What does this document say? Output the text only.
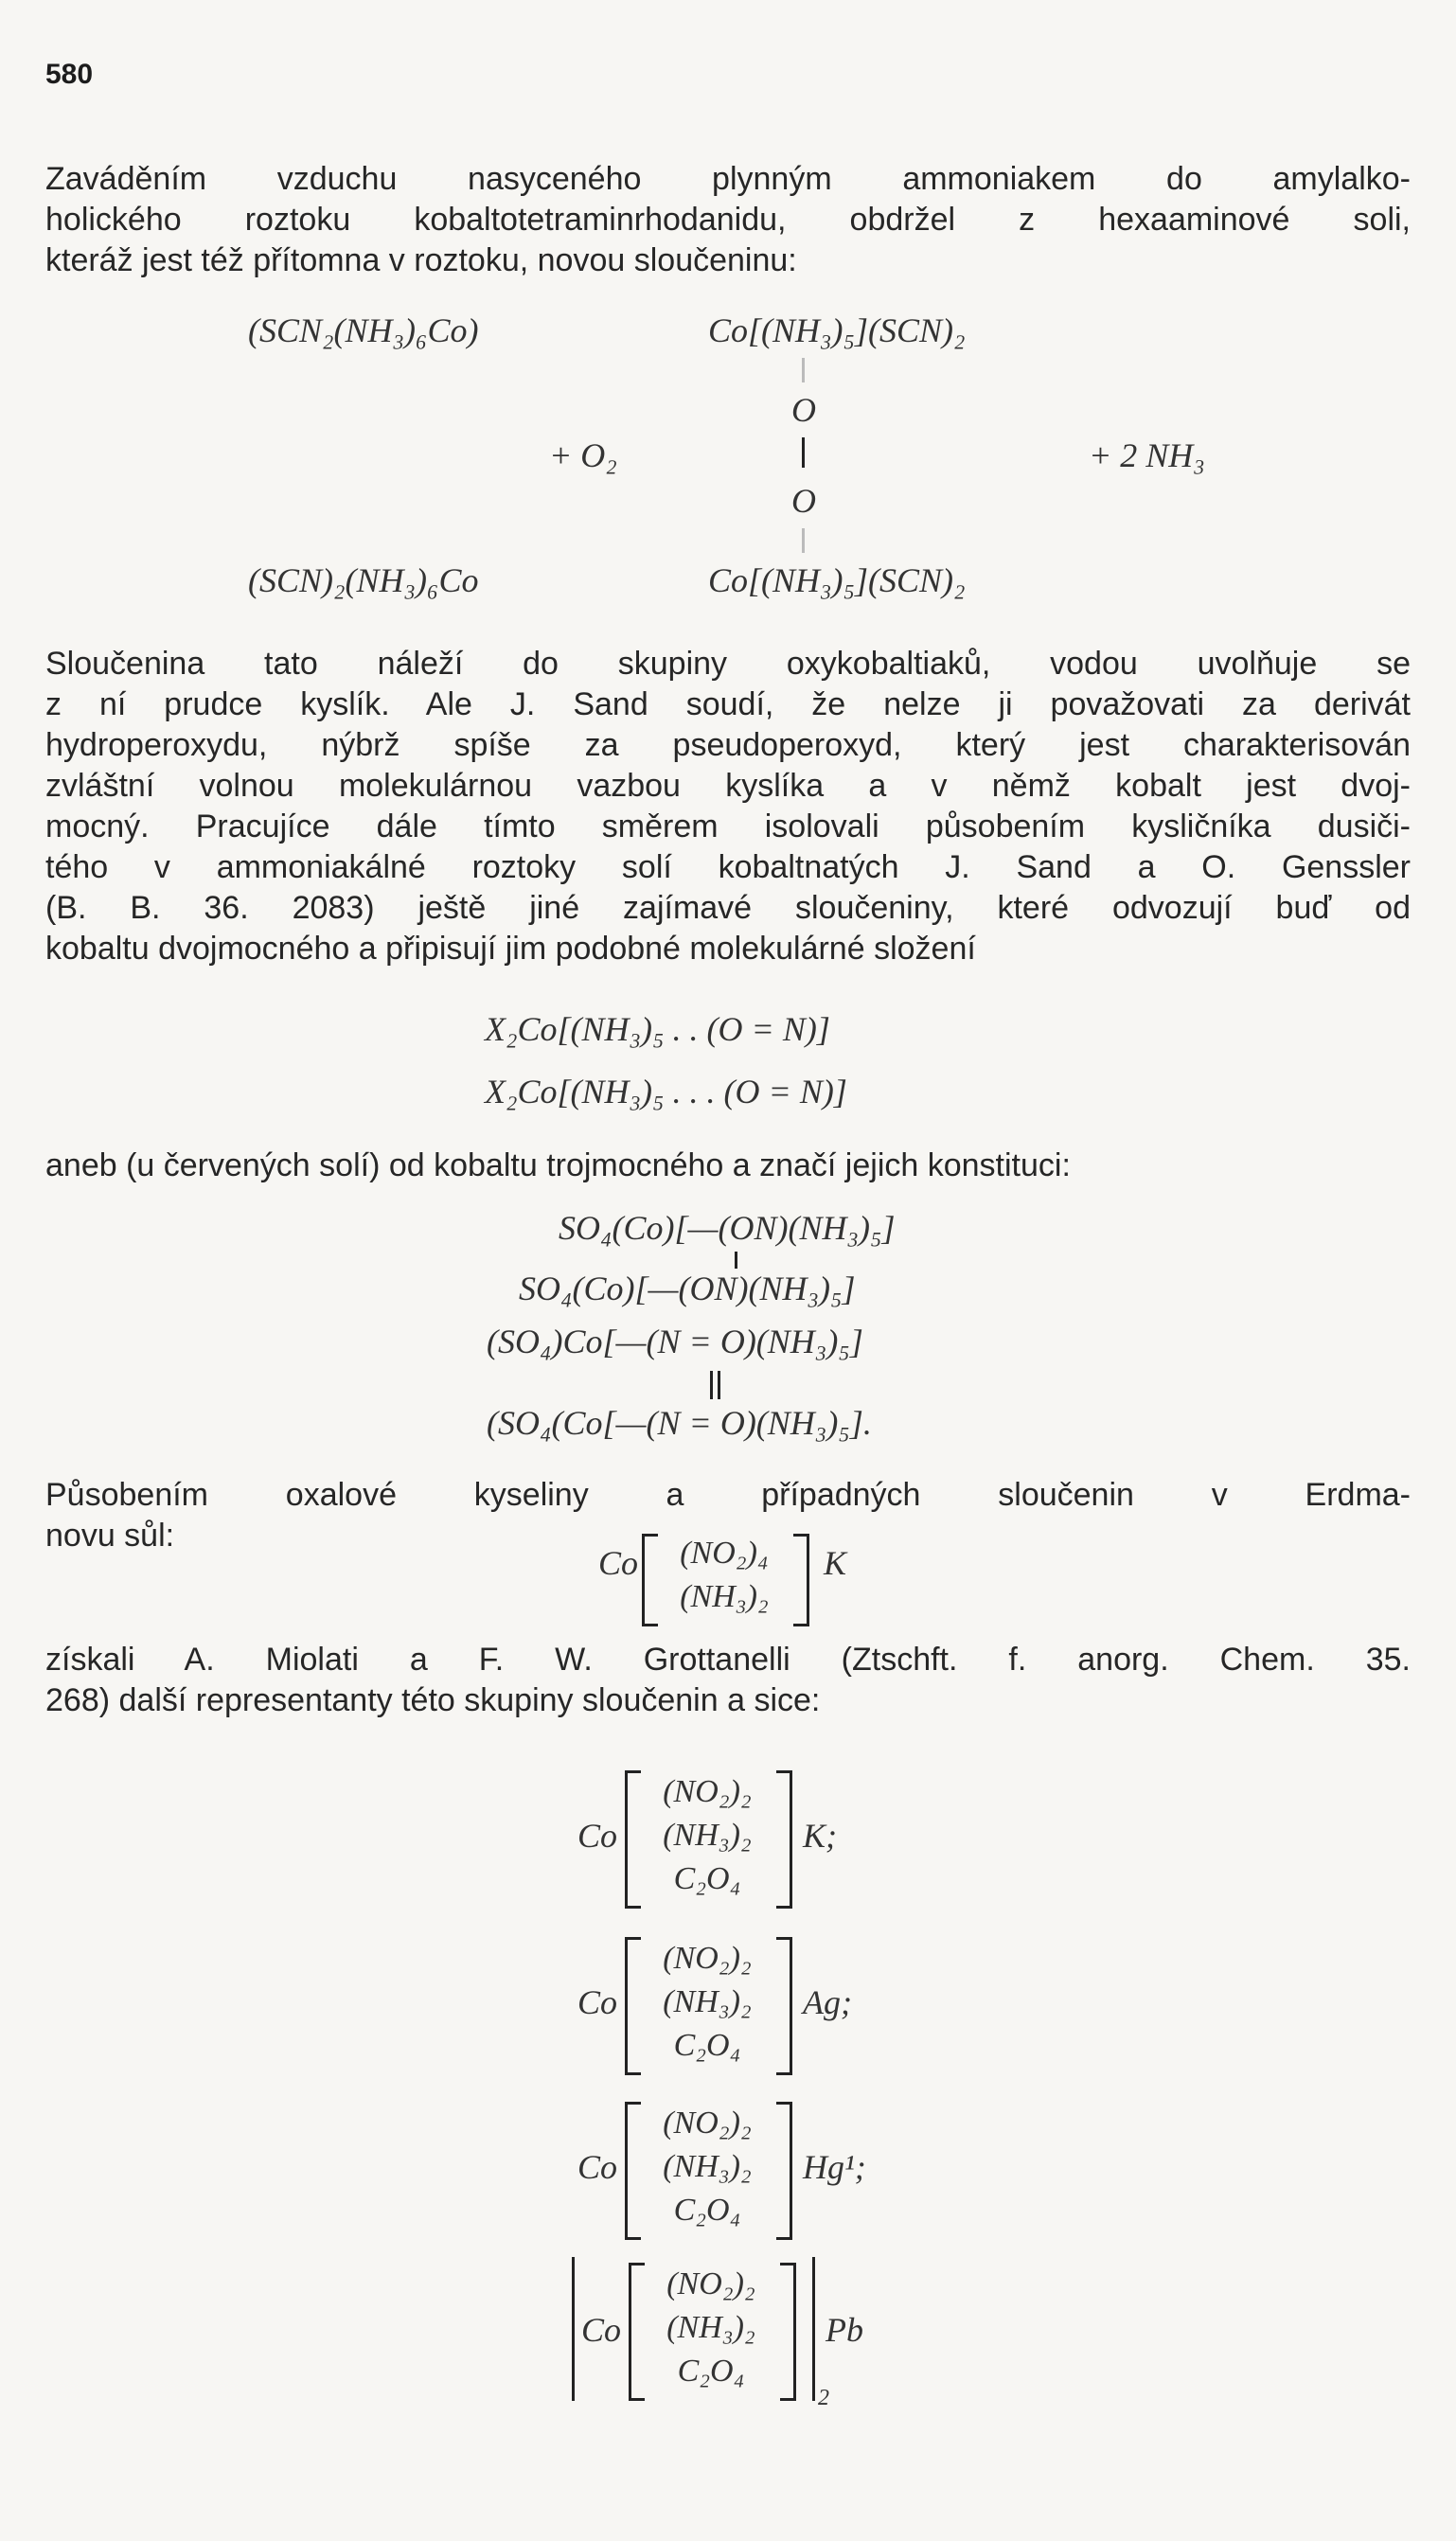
580
Zaváděním vzduchu nasyceného plynným ammoniakem do amylalko-
holického roztoku kobaltotetraminrhodanidu, obdržel z hexaaminové soli,
kteráž jest též přítomna v roztoku, novou sloučeninu:
(SCN₂(NH₃)₆Co)
(SCN)₂(NH₃)₆Co
+ O₂
Co[(NH₃)₅](SCN)₂
O
O
Co[(NH₃)₅](SCN)₂
+ 2 NH₃
Sloučenina tato náleží do skupiny oxykobaltiaků, vodou uvolňuje se
z ní prudce kyslík. Ale J. Sand soudí, že nelze ji považovati za derivát
hydroperoxydu, nýbrž spíše za pseudoperoxyd, který jest charakterisován
zvláštní volnou molekulárnou vazbou kyslíka a v němž kobalt jest dvoj-
mocný. Pracujíce dále tímto směrem isolovali působením kysličníka dusiči-
tého v ammoniakálné roztoky solí kobaltnatých J. Sand a O. Genssler
(B. B. 36. 2083) ještě jiné zajímavé sloučeniny, které odvozují buď od
kobaltu dvojmocného a připisují jim podobné molekulárné složení
X₂Co[(NH₃)₅ . . (O = N)]
X₂Co[(NH₃)₅ . . . (O = N)]
aneb (u červených solí) od kobaltu trojmocného a značí jejich konstituci:
SO₄(Co)[—(ON)(NH₃)₅]
SO₄(Co)[—(ON)(NH₃)₅]
(SO₄)Co[—(N = O)(NH₃)₅]
(SO₄(Co[—(N = O)(NH₃)₅].
Působením oxalové kyseliny a případných sloučenin v Erdma-
novu sůl:
Co	(NO₂)₄
(NH₃)₂
K
získali A. Miolati a F. W. Grottanelli (Ztschft. f. anorg. Chem. 35.
268) další representanty této skupiny sloučenin a sice:
Co
(NO₂)₂
(NH₃)₂
C₂O₄
K;
Co
(NO₂)₂
(NH₃)₂
C₂O₄
Ag;
Co
(NO₂)₂
(NH₃)₂
C₂O₄
Hg¹;
Co
(NO₂)₂
(NH₃)₂
C₂O₄
Pb
2
